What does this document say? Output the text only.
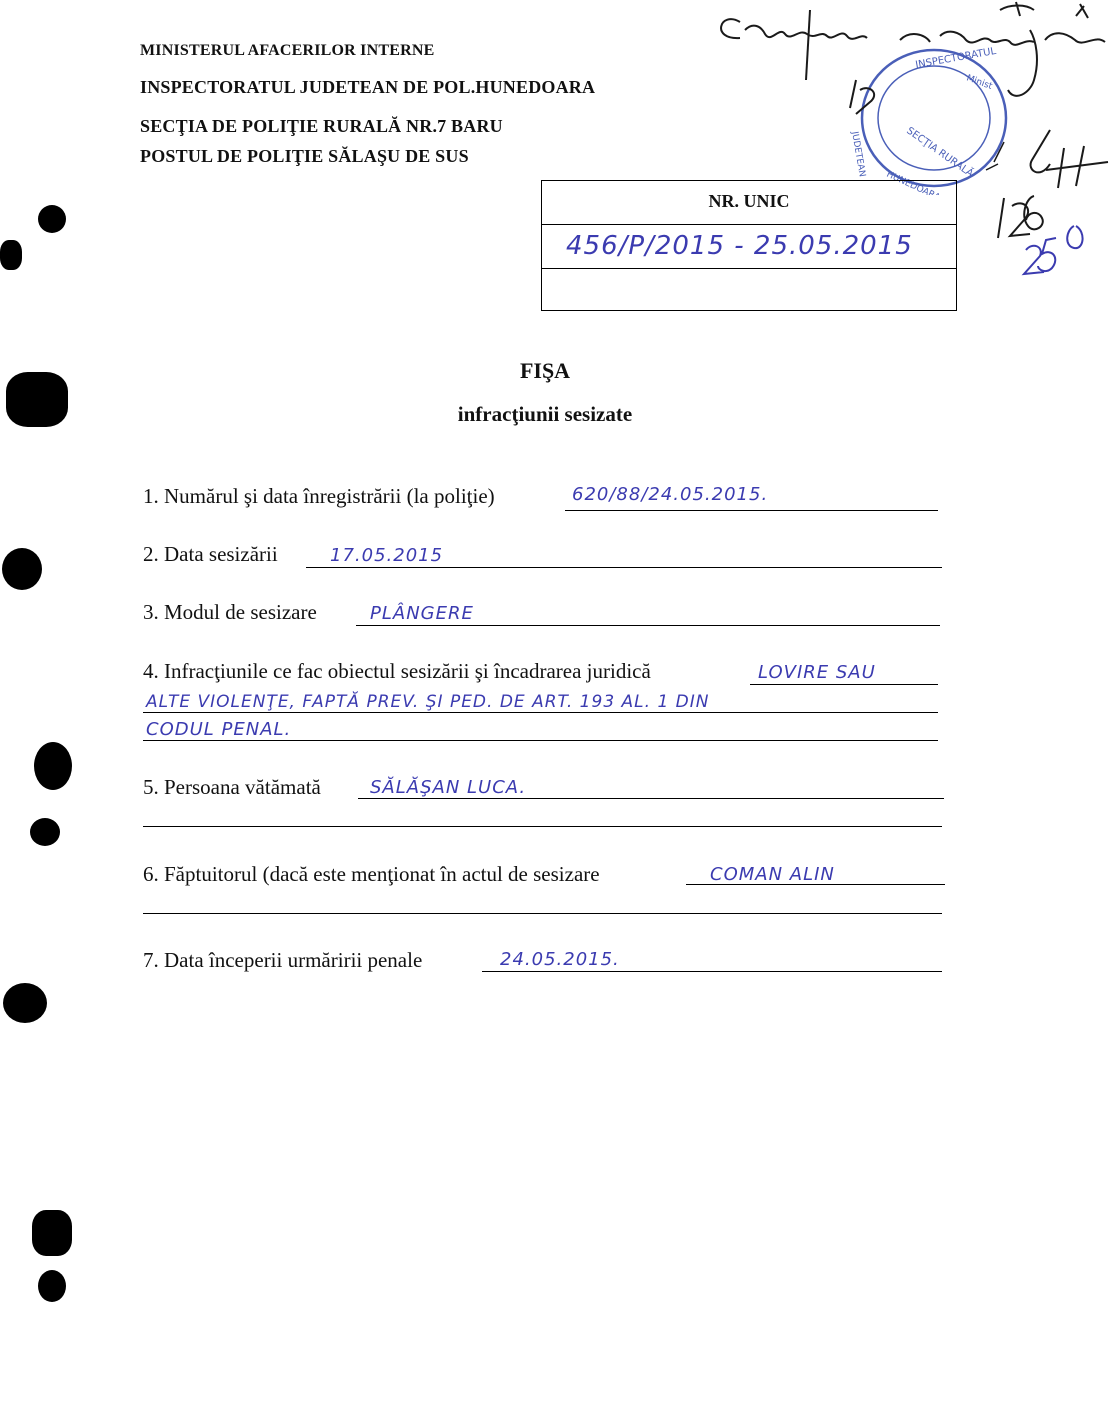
MINISTERUL AFACERILOR INTERNE
INSPECTORATUL JUDETEAN DE POL.HUNEDOARA
SECŢIA DE POLIŢIE RURALĂ NR.7 BARU
POSTUL DE POLIŢIE SĂLAŞU DE SUS
INSPECTORATUL
Minist
JUDETEAN
HUNEDOARA
SECŢIA RURALĂ
NR. UNIC
456/P/2015 - 25.05.2015
FIŞA
infracţiunii sesizate
1. Numărul şi data înregistrării (la poliţie)	620/88/24.05.2015.
2. Data sesizării	17.05.2015
3. Modul de sesizare	PLÂNGERE
4. Infracţiunile ce fac obiectul sesizării şi încadrarea juridică	LOVIRE SAU
ALTE VIOLENŢE, FAPTĂ PREV. ŞI PED. DE ART. 193 AL. 1 DIN
CODUL PENAL.
5. Persoana vătămată	SĂLĂŞAN LUCA.
6. Făptuitorul (dacă este menţionat în actul de sesizare	COMAN ALIN
7. Data începerii urmăririi penale	24.05.2015.
